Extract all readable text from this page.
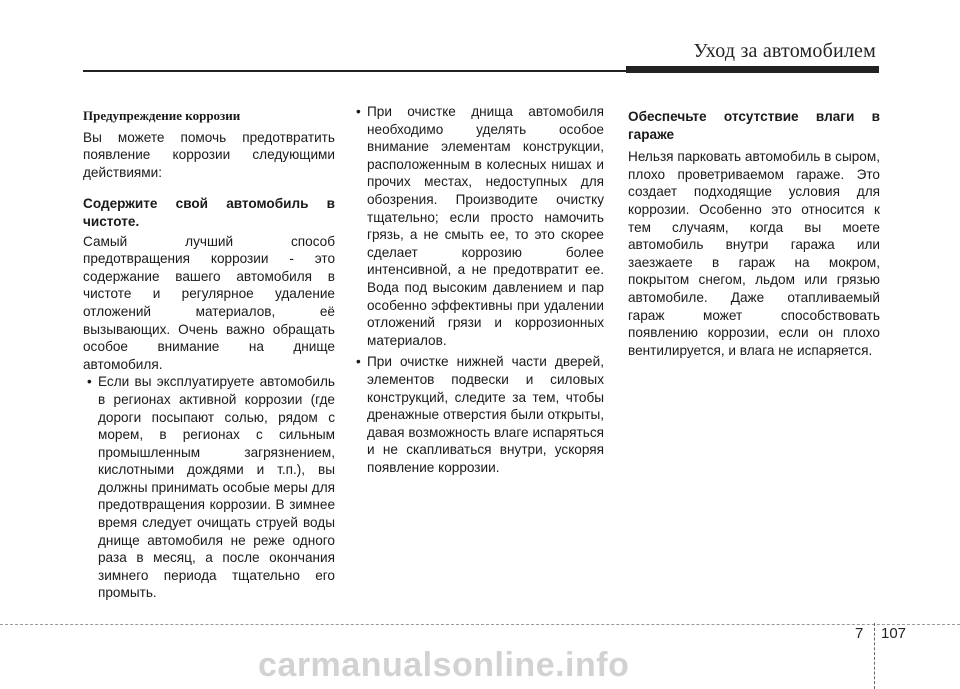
Уход за автомобилем

Предупреждение коррозии

Вы можете помочь предотвратить появление коррозии следующими действиями:

Содержите свой автомобиль в чистоте.

Самый лучший способ предотвращения коррозии - это содержание вашего автомобиля в чистоте и регулярное удаление отложений материалов, её вызывающих. Очень важно обращать особое внимание на днище автомобиля.

• Если вы эксплуатируете автомобиль в регионах активной коррозии (где дороги посыпают солью, рядом с морем, в регионах с сильным промышленным загрязнением, кислотными дождями и т.п.), вы должны принимать особые меры для предотвращения коррозии. В зимнее время следует очищать струей воды днище автомобиля не реже одного раза в месяц, а после окончания зимнего периода тщательно его промыть.
• При очистке днища автомобиля необходимо уделять особое внимание элементам конструкции, расположенным в колесных нишах и прочих местах, недоступных для обозрения. Производите очистку тщательно; если просто намочить грязь, а не смыть ее, то это скорее сделает коррозию более интенсивной, а не предотвратит ее. Вода под высоким давлением и пар особенно эффективны при удалении отложений грязи и коррозионных материалов.
• При очистке нижней части дверей, элементов подвески и силовых конструкций, следите за тем, чтобы дренажные отверстия были открыты, давая возможность влаге испаряться и не скапливаться внутри, ускоряя появление коррозии.

Обеспечьте отсутствие влаги в гараже

Нельзя парковать автомобиль в сыром, плохо проветриваемом гараже. Это создает подходящие условия для коррозии. Особенно это относится к тем случаям, когда вы моете автомобиль внутри гаража или заезжаете в гараж на мокром, покрытом снегом, льдом или грязью автомобиле. Даже отапливаемый гараж может способствовать появлению коррозии, если он плохо вентилируется, и влага не испаряется.

7 107
carmanualsonline.info
